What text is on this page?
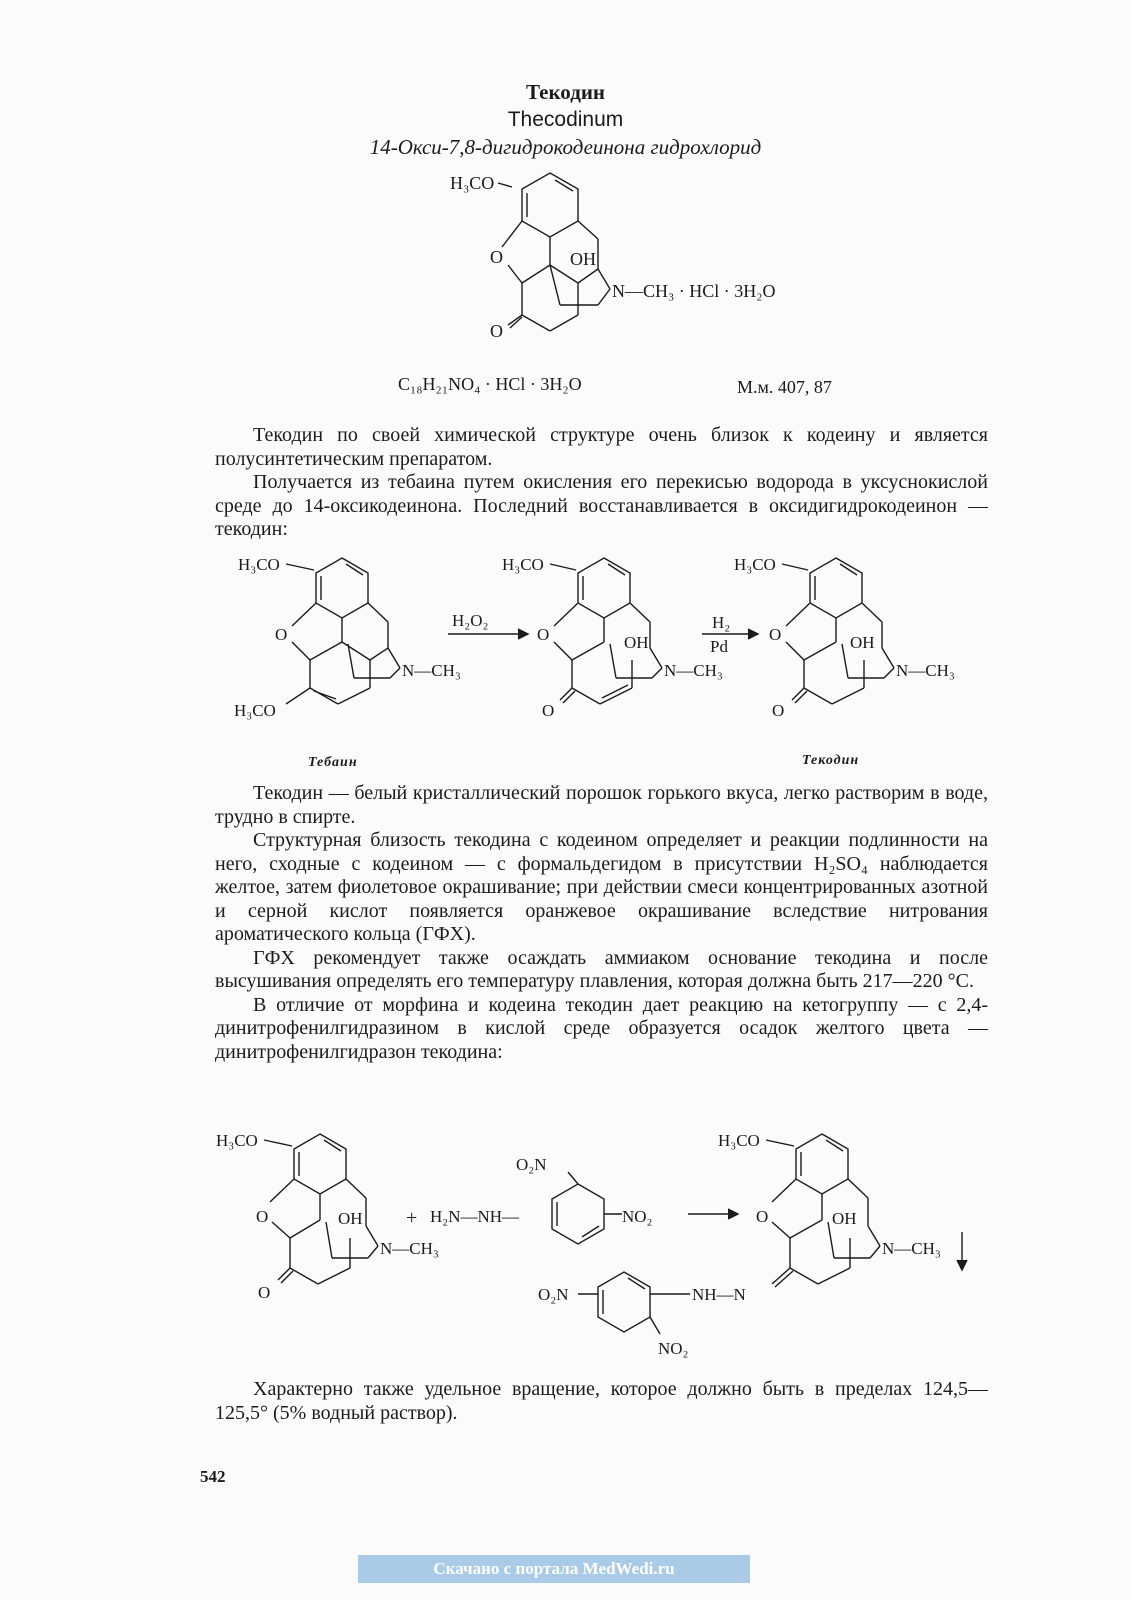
Текодин
Thecodinum
14-Окси-7,8-дигидрокодеинона гидрохлорид
H₃CO
O	OH
O
N—CH₃ · HCl · 3H₂O
C₁₈H₂₁NO₄ · HCl · 3H₂O	М.м. 407, 87

Текодин по своей химической структуре очень близок к кодеину и является полусинтетическим препаратом.

Получается из тебаина путем окисления его перекисью водорода в уксуснокислой среде до 14-оксикодеинона. Последний восстанавливается в оксидигидрокодеинон — текодин:

H₃CO
O
N—CH₃
H₃CO
H₂O₂
H₃CO
O	OH
N—CH₃
O
H₂
Pd
H₃CO
O	OH
N—CH₃
O
Тебаин	Текодин

Текодин — белый кристаллический порошок горького вкуса, легко растворим в воде, трудно в спирте.

Структурная близость текодина с кодеином определяет и реакции подлинности на него, сходные с кодеином — с формальдегидом в присутствии H₂SO₄ наблюдается желтое, затем фиолетовое окрашивание; при действии смеси концентрированных азотной и серной кислот появляется оранжевое окрашивание вследствие нитрования ароматического кольца (ГФХ).

ГФХ рекомендует также осаждать аммиаком основание текодина и после высушивания определять его температуру плавления, которая должна быть 217—220 °C.

В отличие от морфина и кодеина текодин дает реакцию на кетогруппу — с 2,4-динитрофенилгидразином в кислой среде образуется осадок желтого цвета — динитрофенилгидразон текодина:

H₃CO
O	OH
N—CH₃
O
+ H₂N—NH—
O₂N
NO₂
H₃CO
O	OH
N—CH₃
O₂N	NH—N
NO₂

Характерно также удельное вращение, которое должно быть в пределах 124,5—125,5° (5% водный раствор).

542
Скачано с портала MedWedi.ru
